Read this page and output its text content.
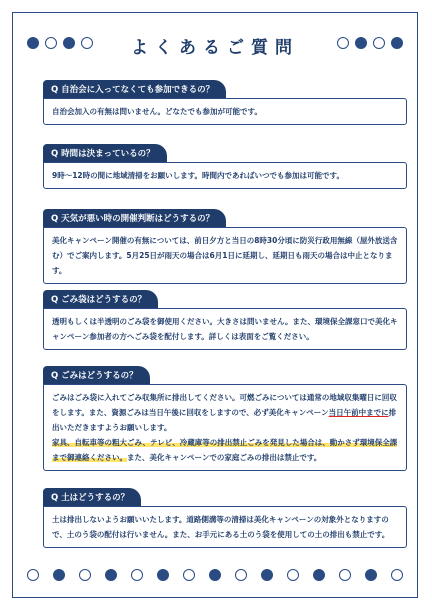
よくあるご質問
Q 自治会に入ってなくても参加できるの？

自治会加入の有無は問いません。どなたでも参加が可能です。

Q 時間は決まっているの？

9時～12時の間に地域清掃をお願いします。時間内であればいつでも参加は可能です。

Q 天気が悪い時の開催判断はどうするの？

美化キャンペーン開催の有無については、前日夕方と当日の8時30分頃に防災行政用無線（屋外放送含む）でご案内します。5月25日が雨天の場合は6月1日に延期し、延期日も雨天の場合は中止となります。

Q ごみ袋はどうするの？

透明もしくは半透明のごみ袋を御使用ください。大きさは問いません。また、環境保全課窓口で美化キャンペーン参加者の方へごみ袋を配付します。詳しくは表面をご覧ください。

Q ごみはどうするの？

ごみはごみ袋に入れてごみ収集所に排出してください。可燃ごみについては通常の地域収集曜日に回収をします。また、資源ごみは当日午後に回収をしますので、必ず美化キャンペーン当日午前中までに排出いただきますようお願いします。

家具、自転車等の粗大ごみ、テレビ、冷蔵庫等の排出禁止ごみを発見した場合は、動かさず環境保全課まで御連絡ください。また、美化キャンペーンでの家庭ごみの排出は禁止です。

Q 土はどうするの？

土は排出しないようお願いいたします。道路側溝等の清掃は美化キャンペーンの対象外となりますので、土のう袋の配付は行いません。また、お手元にある土のう袋を使用しての土の排出も禁止です。
